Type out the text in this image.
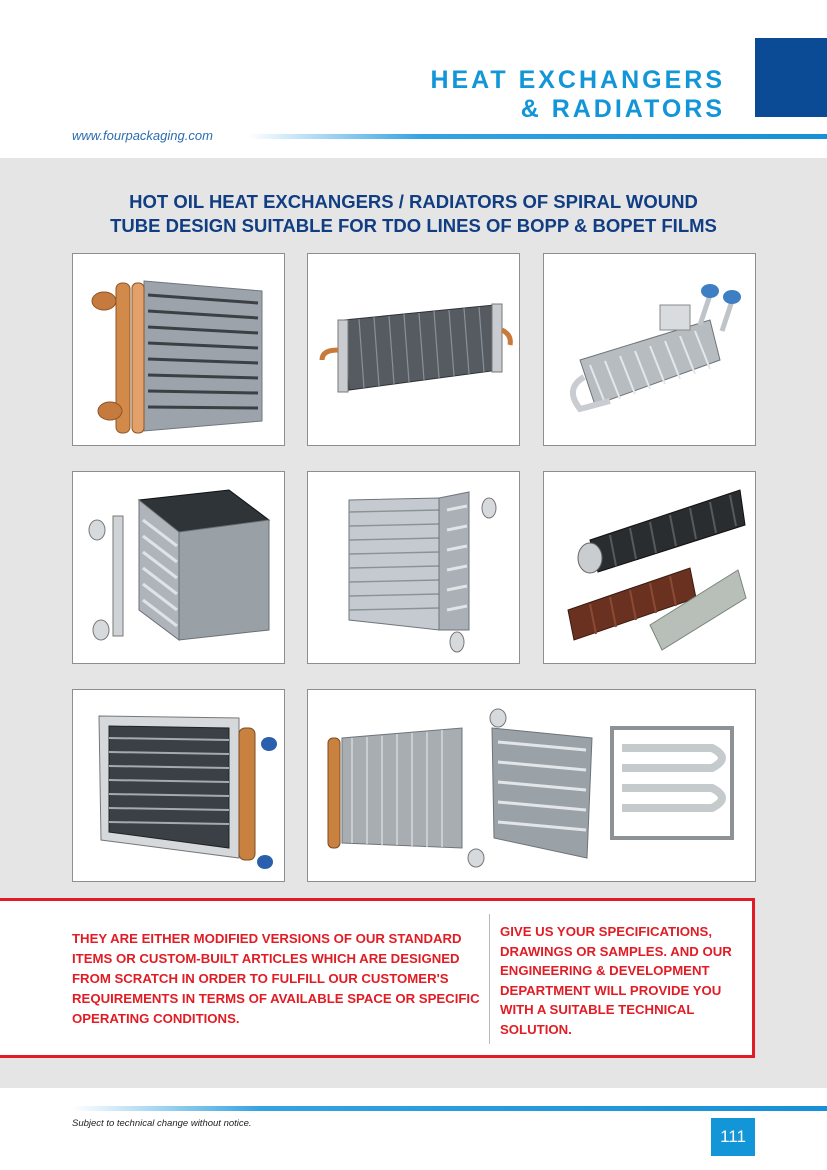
HEAT EXCHANGERS
& RADIATORS
www.fourpackaging.com
HOT OIL HEAT EXCHANGERS / RADIATORS OF SPIRAL WOUND
TUBE DESIGN SUITABLE FOR TDO LINES OF BOPP & BOPET FILMS
THEY ARE EITHER MODIFIED VERSIONS OF OUR STANDARD ITEMS OR CUSTOM-BUILT ARTICLES WHICH ARE DESIGNED FROM SCRATCH IN ORDER TO FULFILL OUR CUSTOMER'S REQUIREMENTS IN TERMS OF AVAILABLE SPACE OR SPECIFIC OPERATING CONDITIONS.
GIVE US YOUR SPECIFICATIONS, DRAWINGS OR SAMPLES. AND OUR ENGINEERING & DEVELOPMENT DEPARTMENT WILL PROVIDE YOU WITH A SUITABLE TECHNICAL SOLUTION.
Subject to technical change without notice.
111
